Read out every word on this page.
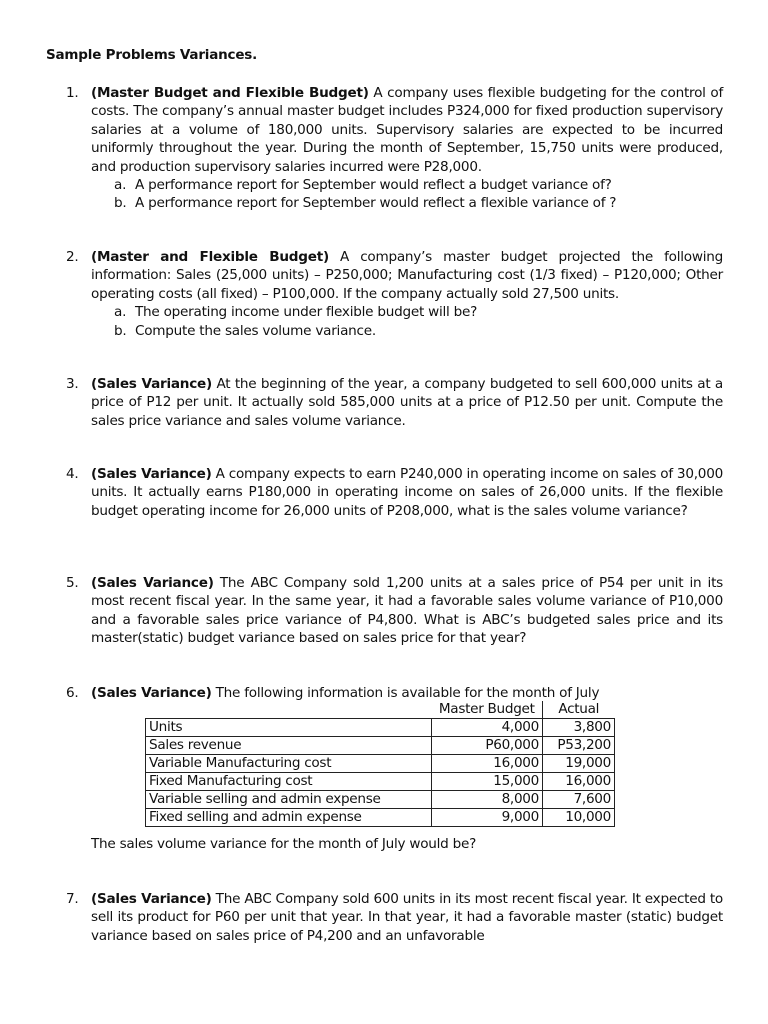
Sample Problems Variances.
1. (Master Budget and Flexible Budget) A company uses flexible budgeting for the control of costs. The company’s annual master budget includes P324,000 for fixed production supervisory salaries at a volume of 180,000 units. Supervisory salaries are expected to be incurred uniformly throughout the year. During the month of September, 15,750 units were produced, and production supervisory salaries incurred were P28,000.
a. A performance report for September would reflect a budget variance of?
b. A performance report for September would reflect a flexible variance of ?
2. (Master and Flexible Budget) A company’s master budget projected the following information: Sales (25,000 units) – P250,000; Manufacturing cost (1/3 fixed) – P120,000; Other operating costs (all fixed) – P100,000. If the company actually sold 27,500 units.
a. The operating income under flexible budget will be?
b. Compute the sales volume variance.
3. (Sales Variance) At the beginning of the year, a company budgeted to sell 600,000 units at a price of P12 per unit. It actually sold 585,000 units at a price of P12.50 per unit. Compute the sales price variance and sales volume variance.
4. (Sales Variance) A company expects to earn P240,000 in operating income on sales of 30,000 units. It actually earns P180,000 in operating income on sales of 26,000 units. If the flexible budget operating income for 26,000 units of P208,000, what is the sales volume variance?
5. (Sales Variance) The ABC Company sold 1,200 units at a sales price of P54 per unit in its most recent fiscal year. In the same year, it had a favorable sales volume variance of P10,000 and a favorable sales price variance of P4,800. What is ABC’s budgeted sales price and its master(static) budget variance based on sales price for that year?
6. (Sales Variance) The following information is available for the month of July
	Master Budget	Actual
Units	4,000	3,800
Sales revenue	P60,000	P53,200
Variable Manufacturing cost	16,000	19,000
Fixed Manufacturing cost	15,000	16,000
Variable selling and admin expense	8,000	7,600
Fixed selling and admin expense	9,000	10,000
The sales volume variance for the month of July would be?
7. (Sales Variance) The ABC Company sold 600 units in its most recent fiscal year. It expected to sell its product for P60 per unit that year. In that year, it had a favorable master (static) budget variance based on sales price of P4,200 and an unfavorable
